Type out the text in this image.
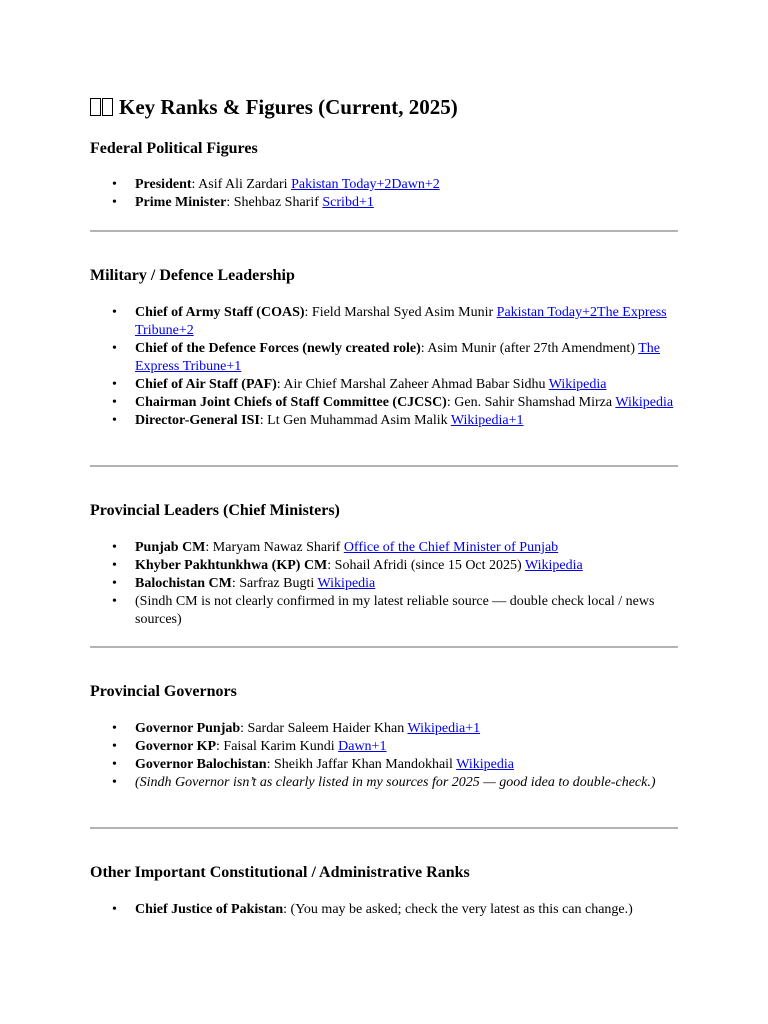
Key Ranks & Figures (Current, 2025)
Federal Political Figures
• President: Asif Ali Zardari Pakistan Today+2Dawn+2
• Prime Minister: Shehbaz Sharif Scribd+1
Military / Defence Leadership
• Chief of Army Staff (COAS): Field Marshal Syed Asim Munir Pakistan Today+2The Express Tribune+2
• Chief of the Defence Forces (newly created role): Asim Munir (after 27th Amendment) The Express Tribune+1
• Chief of Air Staff (PAF): Air Chief Marshal Zaheer Ahmad Babar Sidhu Wikipedia
• Chairman Joint Chiefs of Staff Committee (CJCSC): Gen. Sahir Shamshad Mirza Wikipedia
• Director-General ISI: Lt Gen Muhammad Asim Malik Wikipedia+1
Provincial Leaders (Chief Ministers)
• Punjab CM: Maryam Nawaz Sharif Office of the Chief Minister of Punjab
• Khyber Pakhtunkhwa (KP) CM: Sohail Afridi (since 15 Oct 2025) Wikipedia
• Balochistan CM: Sarfraz Bugti Wikipedia
• (Sindh CM is not clearly confirmed in my latest reliable source — double check local / news sources)
Provincial Governors
• Governor Punjab: Sardar Saleem Haider Khan Wikipedia+1
• Governor KP: Faisal Karim Kundi Dawn+1
• Governor Balochistan: Sheikh Jaffar Khan Mandokhail Wikipedia
• (Sindh Governor isn’t as clearly listed in my sources for 2025 — good idea to double-check.)
Other Important Constitutional / Administrative Ranks
• Chief Justice of Pakistan: (You may be asked; check the very latest as this can change.)
